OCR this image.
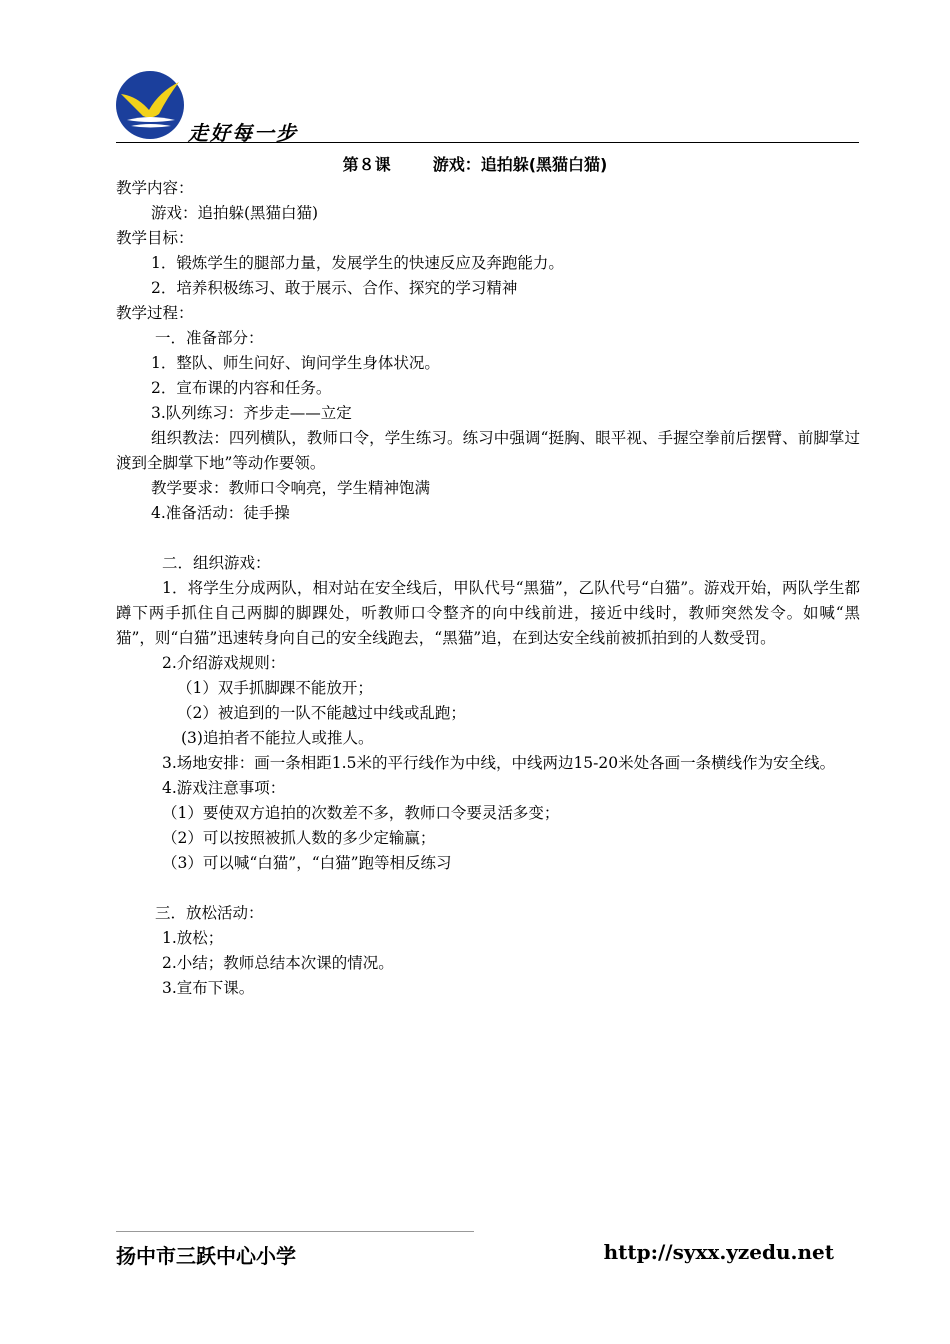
走好每一步
第８课	游戏：追拍躲(黑猫白猫)

教学内容：

游戏：追拍躲(黑猫白猫)

教学目标：

1．锻炼学生的腿部力量，发展学生的快速反应及奔跑能力。

2．培养积极练习、敢于展示、合作、探究的学习精神

教学过程：

一．准备部分：

1．整队、师生问好、询问学生身体状况。

2．宣布课的内容和任务。

3.队列练习：齐步走——立定

组织教法：四列横队，教师口令，学生练习。练习中强调“挺胸、眼平视、手握空拳前后摆臂、前脚掌过渡到全脚掌下地”等动作要领。

教学要求：教师口令响亮，学生精神饱满

4.准备活动：徒手操

二．组织游戏：

1．将学生分成两队，相对站在安全线后，甲队代号“黑猫”，乙队代号“白猫”。游戏开始，两队学生都蹲下两手抓住自己两脚的脚踝处，听教师口令整齐的向中线前进，接近中线时，教师突然发令。如喊“黑猫”，则“白猫”迅速转身向自己的安全线跑去，“黑猫”追，在到达安全线前被抓拍到的人数受罚。

2.介绍游戏规则：

（1）双手抓脚踝不能放开；

（2）被追到的一队不能越过中线或乱跑；

(3)追拍者不能拉人或推人。

3.场地安排：画一条相距1.5米的平行线作为中线，中线两边15-20米处各画一条横线作为安全线。

4.游戏注意事项：

（1）要使双方追拍的次数差不多，教师口令要灵活多变；

（2）可以按照被抓人数的多少定输赢；

（3）可以喊“白猫”，“白猫”跑等相反练习

三．放松活动：

1.放松；

2.小结；教师总结本次课的情况。

3.宣布下课。

扬中市三跃中心小学	http://syxx.yzedu.net
